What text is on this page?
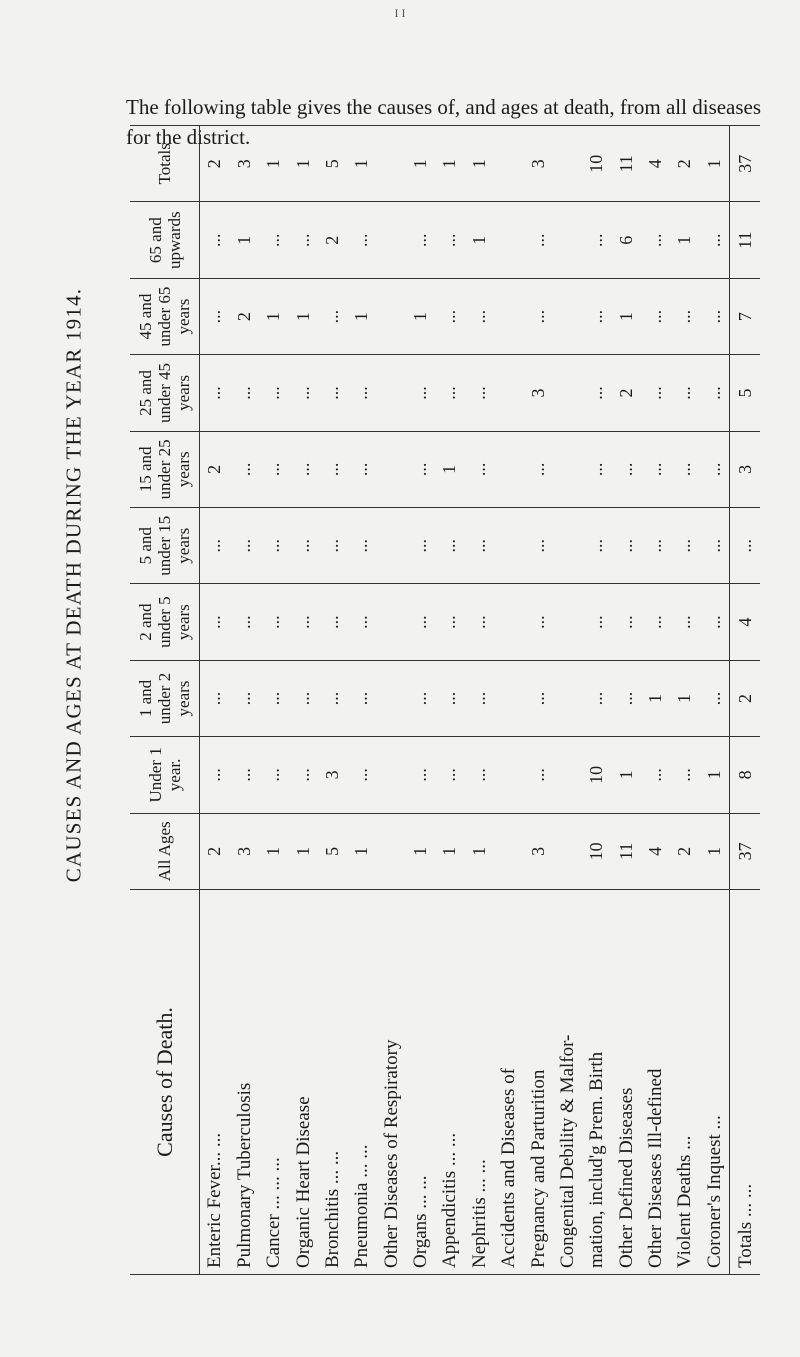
I I
The following table gives the causes of, and ages at death, from all diseases for the district.
CAUSES AND AGES AT DEATH DURING THE YEAR 1914.
Causes of Death.	All Ages	Under 1 year.	1 and under 2 years	2 and under 5 years	5 and under 15 years	15 and under 25 years	25 and under 45 years	45 and under 65 years	65 and upwards	Totals
Enteric Fever... ...	2	...	...	...	...	2	...	...	...	2
Pulmonary Tuberculosis	3	...	...	...	...	...	...	2	1	3
Cancer ... ... ...	1	...	...	...	...	...	...	1	...	1
Organic Heart Disease	1	...	...	...	...	...	...	1	...	1
Bronchitis ... ...	5	3	...	...	...	...	...	...	2	5
Pneumonia ... ...	1	...	...	...	...	...	...	1	...	1
Other Diseases of Respiratory										
Organs ... ...	1	...	...	...	...	...	...	1	...	1
Appendicitis ... ...	1	...	...	...	...	1	...	...	...	1
Nephritis ... ...	1	...	...	...	...	...	...	...	1	1
Accidents and Diseases of										
Pregnancy and Parturition	3	...	...	...	...	...	3	...	...	3
Congenital Debility & Malfor-										
mation, includ'g Prem. Birth	10	10	...	...	...	...	...	...	...	10
Other Defined Diseases	11	1	...	...	...	...	2	1	6	11
Other Diseases Ill-defined	4	...	1	...	...	...	...	...	...	4
Violent Deaths ...	2	...	1	...	...	...	...	...	1	2
Coroner's Inquest ...	1	1	...	...	...	...	...	...	...	1
Totals ... ...	37	8	2	4	...	3	5	7	11	37
